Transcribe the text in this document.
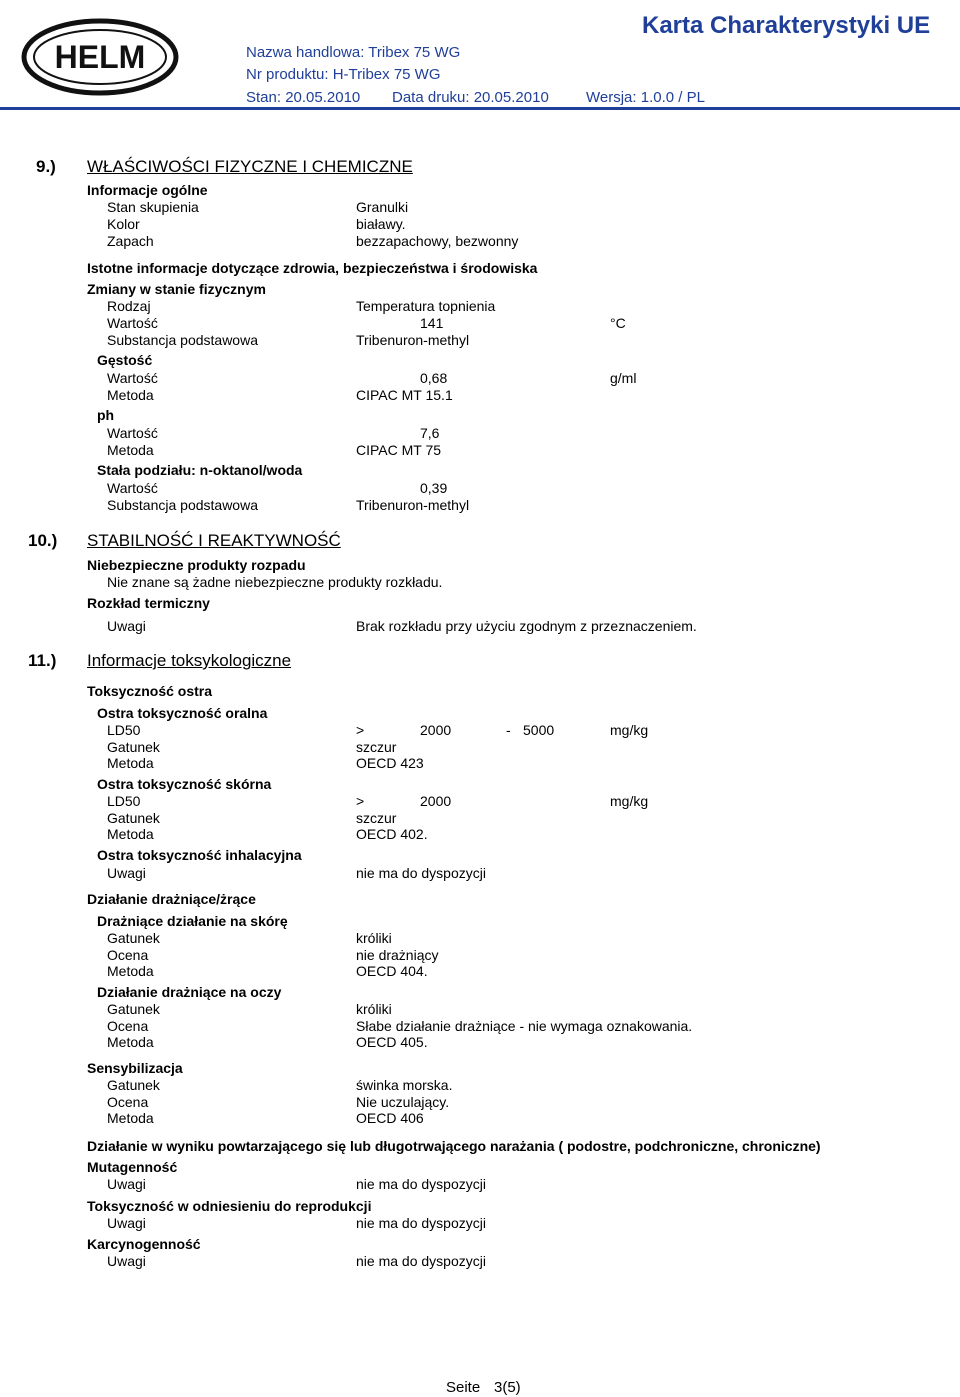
HELM
Karta Charakterystyki UE
Nazwa handlowa: Tribex 75 WG
Nr produktu: H-Tribex 75 WG
Stan: 20.05.2010 Data druku: 20.05.2010 Wersja: 1.0.0 / PL
9.) WŁAŚCIWOŚCI FIZYCZNE I CHEMICZNE
Informacje ogólne
Stan skupienia	Granulki
Kolor	białawy.
Zapach	bezzapachowy, bezwonny
Istotne informacje dotyczące zdrowia, bezpieczeństwa i środowiska
Zmiany w stanie fizycznym
Rodzaj	Temperatura topnienia
Wartość	141	°C
Substancja podstawowa	Tribenuron-methyl
Gęstość
Wartość	0,68	g/ml
Metoda	CIPAC MT 15.1
ph
Wartość	7,6
Metoda	CIPAC MT 75
Stała podziału: n-oktanol/woda
Wartość	0,39
Substancja podstawowa	Tribenuron-methyl
10.) STABILNOŚĆ I REAKTYWNOŚĆ
Niebezpieczne produkty rozpadu
Nie znane są żadne niebezpieczne produkty rozkładu.
Rozkład termiczny
Uwagi	Brak rozkładu przy użyciu zgodnym z przeznaczeniem.
11.) Informacje toksykologiczne
Toksyczność ostra
Ostra toksyczność oralna
LD50	>	2000	- 5000	mg/kg
Gatunek	szczur
Metoda	OECD 423
Ostra toksyczność skórna
LD50	>	2000	mg/kg
Gatunek	szczur
Metoda	OECD 402.
Ostra toksyczność inhalacyjna
Uwagi	nie ma do dyspozycji
Działanie drażniące/żrące
Drażniące działanie na skórę
Gatunek	króliki
Ocena	nie drażniący
Metoda	OECD 404.
Działanie drażniące na oczy
Gatunek	króliki
Ocena	Słabe działanie drażniące - nie wymaga oznakowania.
Metoda	OECD 405.
Sensybilizacja
Gatunek	świnka morska.
Ocena	Nie uczulający.
Metoda	OECD 406
Działanie w wyniku powtarzającego się lub długotrwającego narażania ( podostre, podchroniczne, chroniczne)
Mutagenność
Uwagi	nie ma do dyspozycji
Toksyczność w odniesieniu do reprodukcji
Uwagi	nie ma do dyspozycji
Karcynogenność
Uwagi	nie ma do dyspozycji
Seite 3(5)
